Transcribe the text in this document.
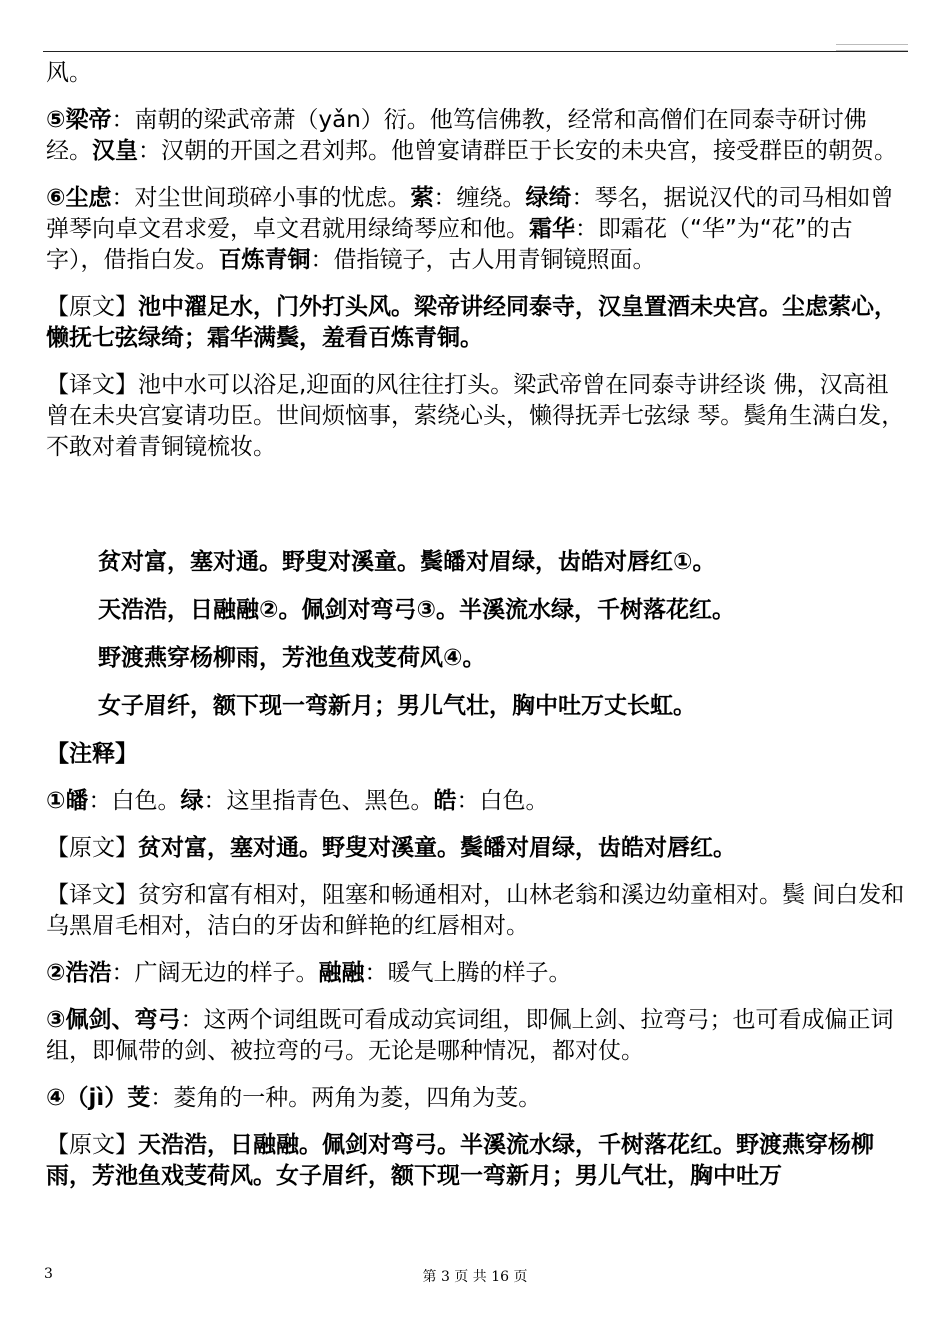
风。
⑤梁帝：南朝的梁武帝萧（yǎn）衍。他笃信佛教，经常和高僧们在同泰寺研讨佛经。汉皇：汉朝的开国之君刘邦。他曾宴请群臣于长安的未央宫，接受群臣的朝贺。
⑥尘虑：对尘世间琐碎小事的忧虑。萦：缠绕。绿绮：琴名，据说汉代的司马相如曾弹琴向卓文君求爱，卓文君就用绿绮琴应和他。霜华：即霜花（“华”为“花”的古字），借指白发。百炼青铜：借指镜子，古人用青铜镜照面。
【原文】池中濯足水，门外打头风。梁帝讲经同泰寺，汉皇置酒未央宫。尘虑萦心，懒抚七弦绿绮；霜华满鬓，羞看百炼青铜。
【译文】池中水可以浴足,迎面的风往往打头。梁武帝曾在同泰寺讲经谈 佛，汉高祖曾在未央宫宴请功臣。世间烦恼事，萦绕心头，懒得抚弄七弦绿 琴。鬓角生满白发，不敢对着青铜镜梳妆。
贫对富，塞对通。野叟对溪童。鬓皤对眉绿，齿皓对唇红①。
天浩浩，日融融②。佩剑对弯弓③。半溪流水绿，千树落花红。
野渡燕穿杨柳雨，芳池鱼戏芰荷风④。
女子眉纤，额下现一弯新月；男儿气壮，胸中吐万丈长虹。
【注释】
①皤：白色。绿：这里指青色、黑色。皓：白色。
【原文】贫对富，塞对通。野叟对溪童。鬓皤对眉绿，齿皓对唇红。
【译文】贫穷和富有相对，阻塞和畅通相对，山林老翁和溪边幼童相对。鬓 间白发和乌黑眉毛相对，洁白的牙齿和鲜艳的红唇相对。
②浩浩：广阔无边的样子。融融：暖气上腾的样子。
③佩剑、弯弓：这两个词组既可看成动宾词组，即佩上剑、拉弯弓；也可看成偏正词组，即佩带的剑、被拉弯的弓。无论是哪种情况，都对仗。
④（jì）芰：菱角的一种。两角为菱，四角为芰。
【原文】天浩浩，日融融。佩剑对弯弓。半溪流水绿，千树落花红。野渡燕穿杨柳雨，芳池鱼戏芰荷风。女子眉纤，额下现一弯新月；男儿气壮，胸中吐万
3	第 3 页 共 16 页
